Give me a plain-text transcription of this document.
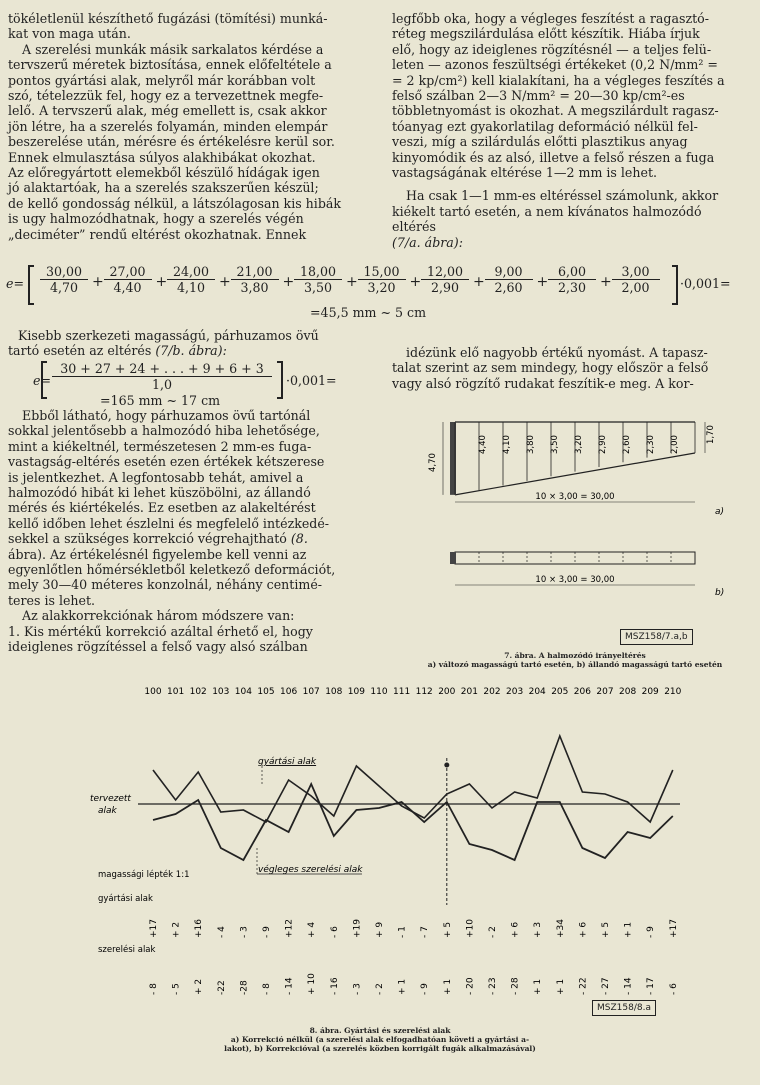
tökéletlenül készíthető fugázási (tömítési) munká-
kat von maga után.
A szerelési munkák másik sarkalatos kérdése a
tervszerű méretek biztosítása, ennek előfeltétele a
pontos gyártási alak, melyről már korábban volt
szó, tételezzük fel, hogy ez a tervezettnek megfe-
lelő. A tervszerű alak, még emellett is, csak akkor
jön létre, ha a szerelés folyamán, minden elempár
beszerelése után, mérésre és értékelésre kerül sor.
Ennek elmulasztása súlyos alakhibákat okozhat.
Az előregyártott elemekből készülő hídágak igen
jó alaktartóak, ha a szerelés szakszerűen készül;
de kellő gondosság nélkül, a látszólagosan kis hibák
is ugy halmozódhatnak, hogy a szerelés végén
„deciméter” rendű eltérést okozhatnak. Ennek
legfőbb oka, hogy a végleges feszítést a ragasztó-
réteg megszilárdulása előtt készítik. Hiába írjuk
elő, hogy az ideiglenes rögzítésnél — a teljes felü-
leten — azonos feszültségi értékeket (0,2 N/mm² =
= 2 kp/cm²) kell kialakítani, ha a végleges feszítés a
felső szálban 2—3 N/mm² = 20—30 kp/cm²-es
többletnyomást is okozhat. A megszilárdult ragasz-
tóanyag ezt gyakorlatilag deformáció nélkül fel-
veszi, míg a szilárdulás előtti plasztikus anyag
kinyomódik és az alsó, illetve a felső részen a fuga
vastagságának eltérése 1—2 mm is lehet.
Ha csak 1—1 mm-es eltéréssel számolunk, akkor
kiékelt tartó esetén, a nem kívánatos halmozódó
eltérés
(7/a. ábra):
$e= \frac{30,00}{4,70} + \frac{27,00}{4,40} + \frac{24,00}{4,10} + \frac{21,00}{3,80} + \frac{18,00}{3,50} + \frac{15,00}{3,20} + \frac{12,00}{2,90} + \frac{9,00}{2,60} + \frac{6,00}{2,30} + \frac{3,00}{2,00} \cdot 0,001=$
=45,5 mm ~ 5 cm
Kisebb szerkezeti magasságú, párhuzamos övű
tartó esetén az eltérés (7/b. ábra):
$e= \frac{30 + 27 + 24 + . . . + 9 + 6 + 3}{1,0} \cdot 0,001=$
=165 mm ~ 17 cm
Ebből látható, hogy párhuzamos övű tartónál
sokkal jelentősebb a halmozódó hiba lehetősége,
mint a kiékeltnél, természetesen 2 mm-es fuga-
vastagság-eltérés esetén ezen értékek kétszerese
is jelentkezhet. A legfontosabb tehát, amivel a
halmozódó hibát ki lehet küszöbölni, az állandó
mérés és kiértékelés. Ez esetben az alakeltérést
kellő időben lehet észlelni és megfelelő intézkedé-
sekkel a szükséges korrekció végrehajtható (8.
ábra). Az értékelésnél figyelembe kell venni az
egyenlőtlen hőmérsékletből keletkező deformációt,
mely 30—40 méteres konzolnál, néhány centimé-
teres is lehet.
Az alakkorrekciónak három módszere van:
1. Kis mértékű korrekció azáltal érhető el, hogy
ideiglenes rögzítéssel a felső vagy alsó szálban
idézünk elő nagyobb értékű nyomást. A tapasz-
talat szerint az sem mindegy, hogy először a felső
vagy alsó rögzítő rudakat feszítik-e meg. A kor-
4,40 4,10 3,80 3,50 3,20 2,90 2,60 2,30 2,00
4,70
1,70
10 × 3,00 = 30,00
a)
10 × 3,00 = 30,00
b)
MSZ158/7.a,b
7. ábra. A halmozódó irányeltérés
a) változó magasságú tartó esetén, b) állandó magasságú tartó esetén
100 101 102 103 104 105 106 107 108 109 110 111 112 200 201 202 203 204 205 206 207 208 209 210
gyártási alak
tervezett
alak
végleges szerelési alak
magassági lépték 1:1
gyártási alak
szerelési alak
+17 + 2 +16 - 4 - 3 - 9 +12 + 4 - 6 +19 + 9 - 1 - 7 + 5 +10 - 2 + 6 + 3 +34 + 6 + 5 + 1 - 9 +17
- 8 - 5 + 2 -22 -28 - 8 - 14 + 10 - 16 - 3 - 2 + 1 - 9 + 1 - 20 - 23 - 28 + 1 + 1 - 22 - 27 - 14 - 17 - 6
MSZ158/8.a
8. ábra. Gyártási és szerelési alak
a) Korrekció nélkül (a szerelési alak elfogadhatóan követi a gyártási a-
lakot), b) Korrekcióval (a szerelés közben korrigált fugák alkalmazásával)
